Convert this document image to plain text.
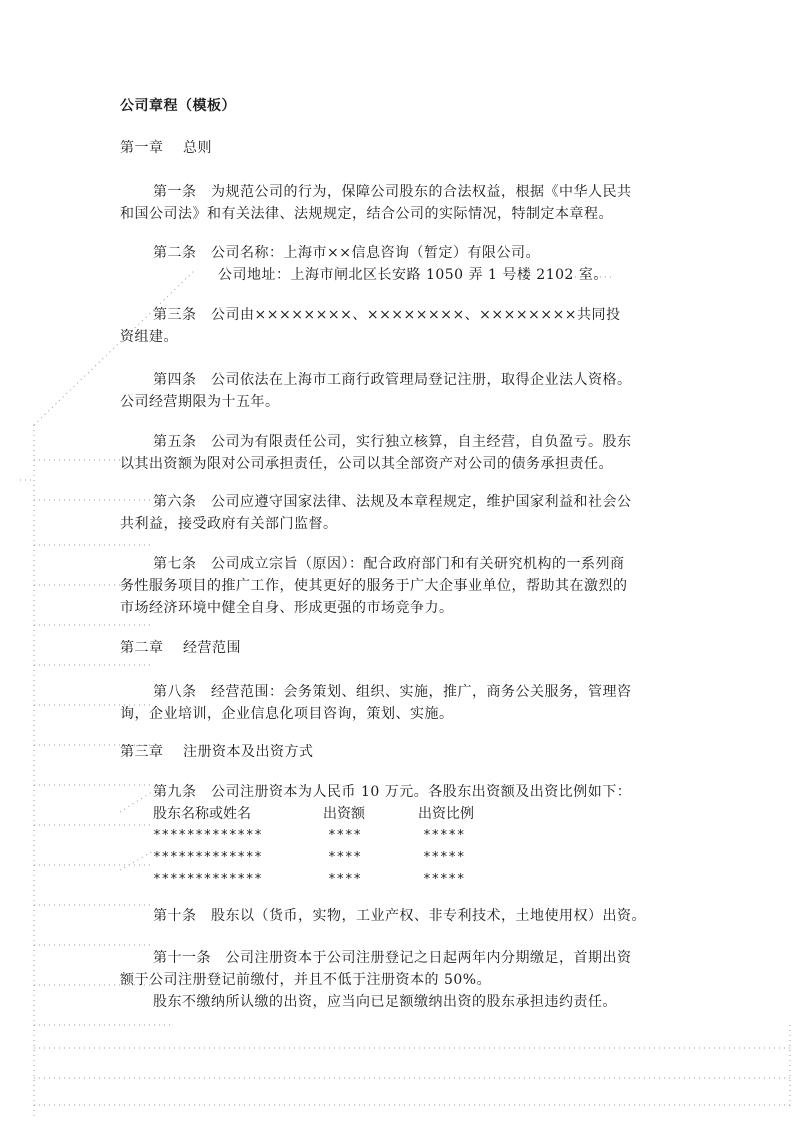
公司章程（模板）
第一章　 总则
第一条　为规范公司的行为，保障公司股东的合法权益，根据《中华人民共
和国公司法》和有关法律、法规规定，结合公司的实际情况，特制定本章程。
第二条　公司名称：上海市××信息咨询（暂定）有限公司。
公司地址：上海市闸北区长安路 1050 弄 1 号楼 2102 室。
第三条　公司由××××××××、××××××××、××××××××共同投
资组建。
第四条　公司依法在上海市工商行政管理局登记注册，取得企业法人资格。
公司经营期限为十五年。
第五条　公司为有限责任公司，实行独立核算，自主经营，自负盈亏。股东
以其出资额为限对公司承担责任，公司以其全部资产对公司的债务承担责任。
第六条　公司应遵守国家法律、法规及本章程规定，维护国家利益和社会公
共利益，接受政府有关部门监督。
第七条　公司成立宗旨（原因）：配合政府部门和有关研究机构的一系列商
务性服务项目的推广工作，使其更好的服务于广大企事业单位，帮助其在激烈的
市场经济环境中健全自身、形成更强的市场竞争力。
第二章　 经营范围
第八条　经营范围：会务策划、组织、实施，推广，商务公关服务，管理咨
询，企业培训，企业信息化项目咨询，策划、实施。
第三章　 注册资本及出资方式
第九条　公司注册资本为人民币 10 万元。各股东出资额及出资比例如下：
股东名称或姓名	出资额	出资比例
*************	****	*****
*************	****	*****
*************	****	*****
第十条　股东以（货币，实物，工业产权、非专利技术，土地使用权）出资。
第十一条　公司注册资本于公司注册登记之日起两年内分期缴足，首期出资
额于公司注册登记前缴付，并且不低于注册资本的 50%。
股东不缴纳所认缴的出资，应当向已足额缴纳出资的股东承担违约责任。
